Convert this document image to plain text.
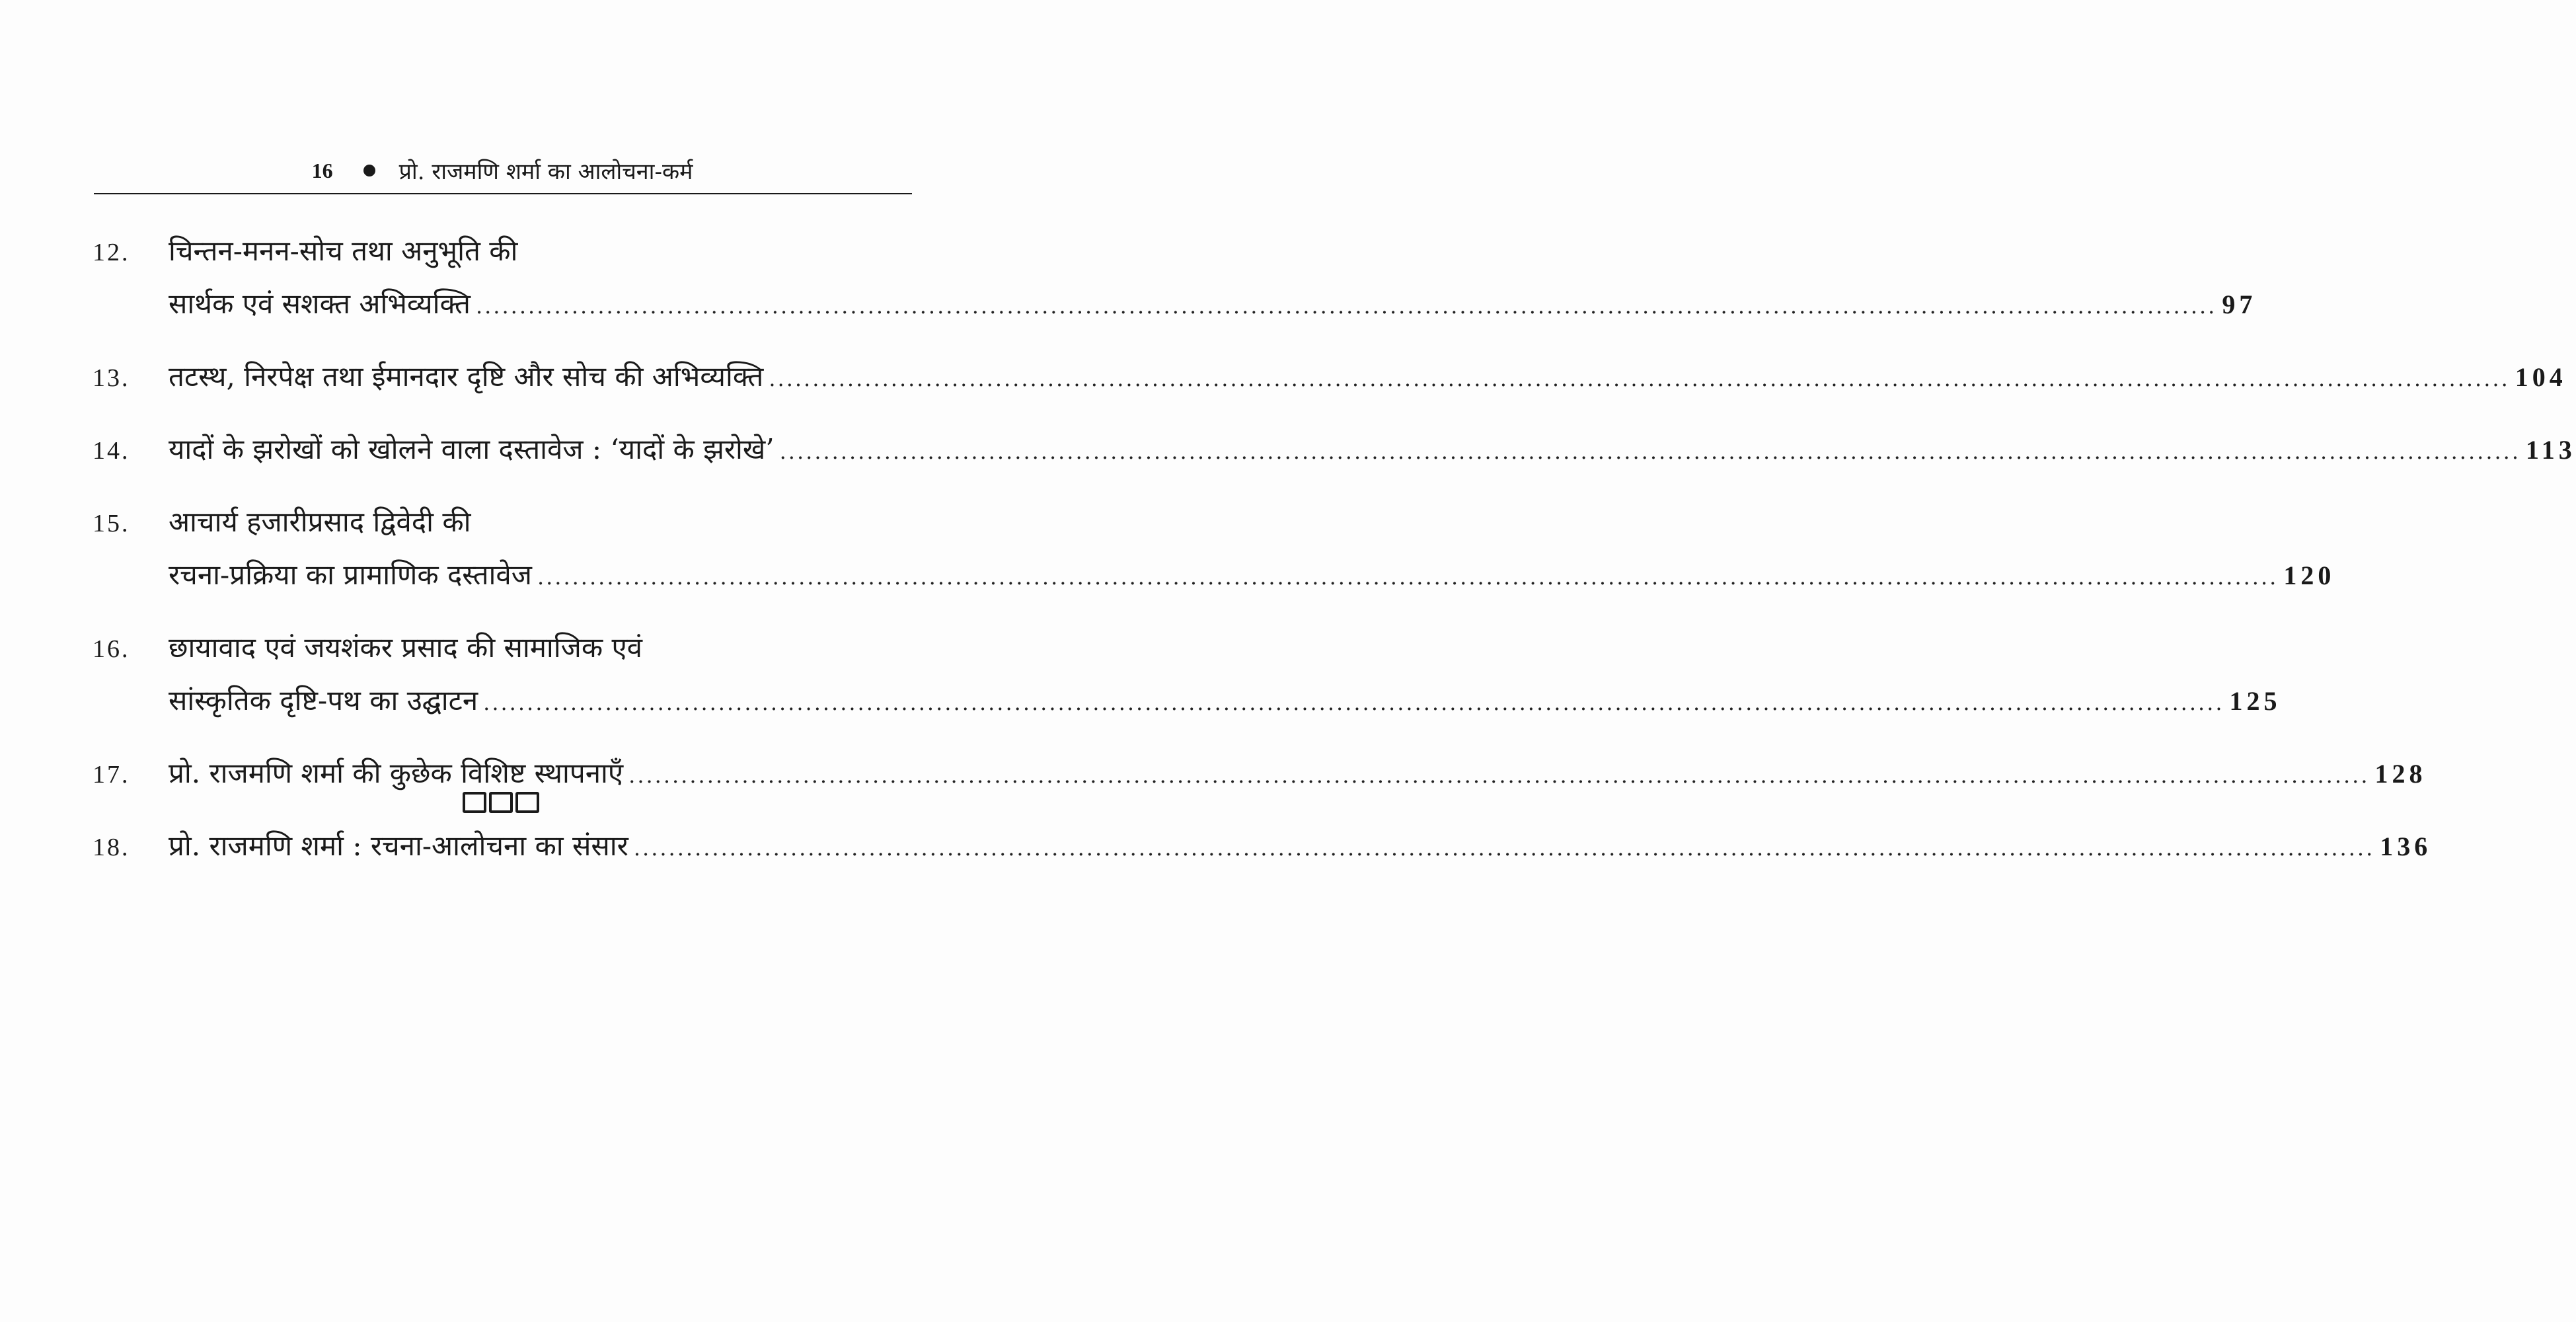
16	प्रो. राजमणि शर्मा का आलोचना-कर्म
12.	चिन्तन-मनन-सोच तथा अनुभूति की
सार्थक एवं सशक्त अभिव्यक्ति ........................................................................................................................................................................................................ 97
13.	तटस्थ, निरपेक्ष तथा ईमानदार दृष्टि और सोच की अभिव्यक्ति ........................................................................................................................................................................................................ 104
14.	यादों के झरोखों को खोलने वाला दस्तावेज : ‘यादों के झरोखे’ ........................................................................................................................................................................................................ 113
15.	आचार्य हजारीप्रसाद द्विवेदी की
रचना-प्रक्रिया का प्रामाणिक दस्तावेज ........................................................................................................................................................................................................ 120
16.	छायावाद एवं जयशंकर प्रसाद की सामाजिक एवं
सांस्कृतिक दृष्टि-पथ का उद्घाटन ........................................................................................................................................................................................................ 125
17.	प्रो. राजमणि शर्मा की कुछेक विशिष्ट स्थापनाएँ ........................................................................................................................................................................................................ 128
18.	प्रो. राजमणि शर्मा : रचना-आलोचना का संसार ........................................................................................................................................................................................................ 136
